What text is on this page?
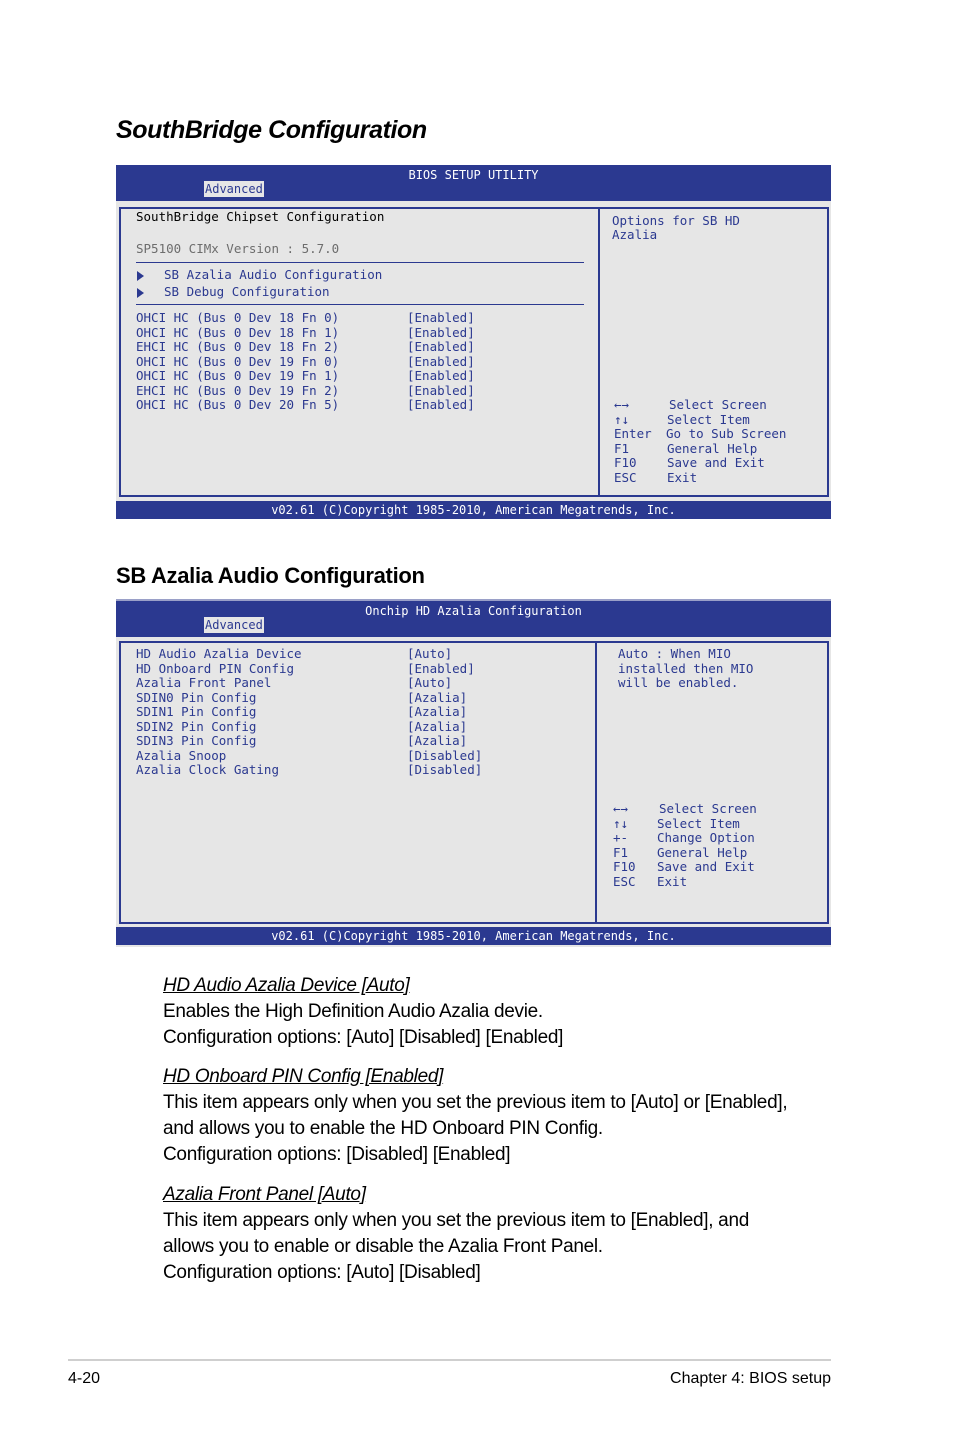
SouthBridge Configuration
BIOS SETUP UTILITY
Advanced
SouthBridge Chipset Configuration
SP5100 CIMx Version : 5.7.0
SB Azalia Audio Configuration
SB Debug Configuration
OHCI HC (Bus 0 Dev 18 Fn 0)	[Enabled]
OHCI HC (Bus 0 Dev 18 Fn 1)	[Enabled]
EHCI HC (Bus 0 Dev 18 Fn 2)	[Enabled]
OHCI HC (Bus 0 Dev 19 Fn 0)	[Enabled]
OHCI HC (Bus 0 Dev 19 Fn 1)	[Enabled]
EHCI HC (Bus 0 Dev 19 Fn 2)	[Enabled]
OHCI HC (Bus 0 Dev 20 Fn 5)	[Enabled]
Options for SB HD
Azalia
←→	Select Screen
↑↓	Select Item
Enter Go to Sub Screen
F1	General Help
F10 Save and Exit
ESC Exit
v02.61 (C)Copyright 1985-2010, American Megatrends, Inc.
SB Azalia Audio Configuration
Onchip HD Azalia Configuration
Advanced
HD Audio Azalia Device	[Auto]
HD Onboard PIN Config	[Enabled]
Azalia Front Panel	[Auto]
SDIN0 Pin Config	[Azalia]
SDIN1 Pin Config	[Azalia]
SDIN2 Pin Config	[Azalia]
SDIN3 Pin Config	[Azalia]
Azalia Snoop	[Disabled]
Azalia Clock Gating	[Disabled]
Auto : When MIO
installed then MIO
will be enabled.
←→ Select Screen
↑↓ Select Item
+- Change Option
F1 General Help
F10 Save and Exit
ESC Exit
v02.61 (C)Copyright 1985-2010, American Megatrends, Inc.
HD Audio Azalia Device [Auto]
Enables the High Definition Audio Azalia devie.
Configuration options: [Auto] [Disabled] [Enabled]
HD Onboard PIN Config [Enabled]
This item appears only when you set the previous item to [Auto] or [Enabled],
and allows you to enable the HD Onboard PIN Config.
Configuration options: [Disabled] [Enabled]
Azalia Front Panel [Auto]
This item appears only when you set the previous item to [Enabled], and
allows you to enable or disable the Azalia Front Panel.
Configuration options: [Auto] [Disabled]
4-20	Chapter 4: BIOS setup
